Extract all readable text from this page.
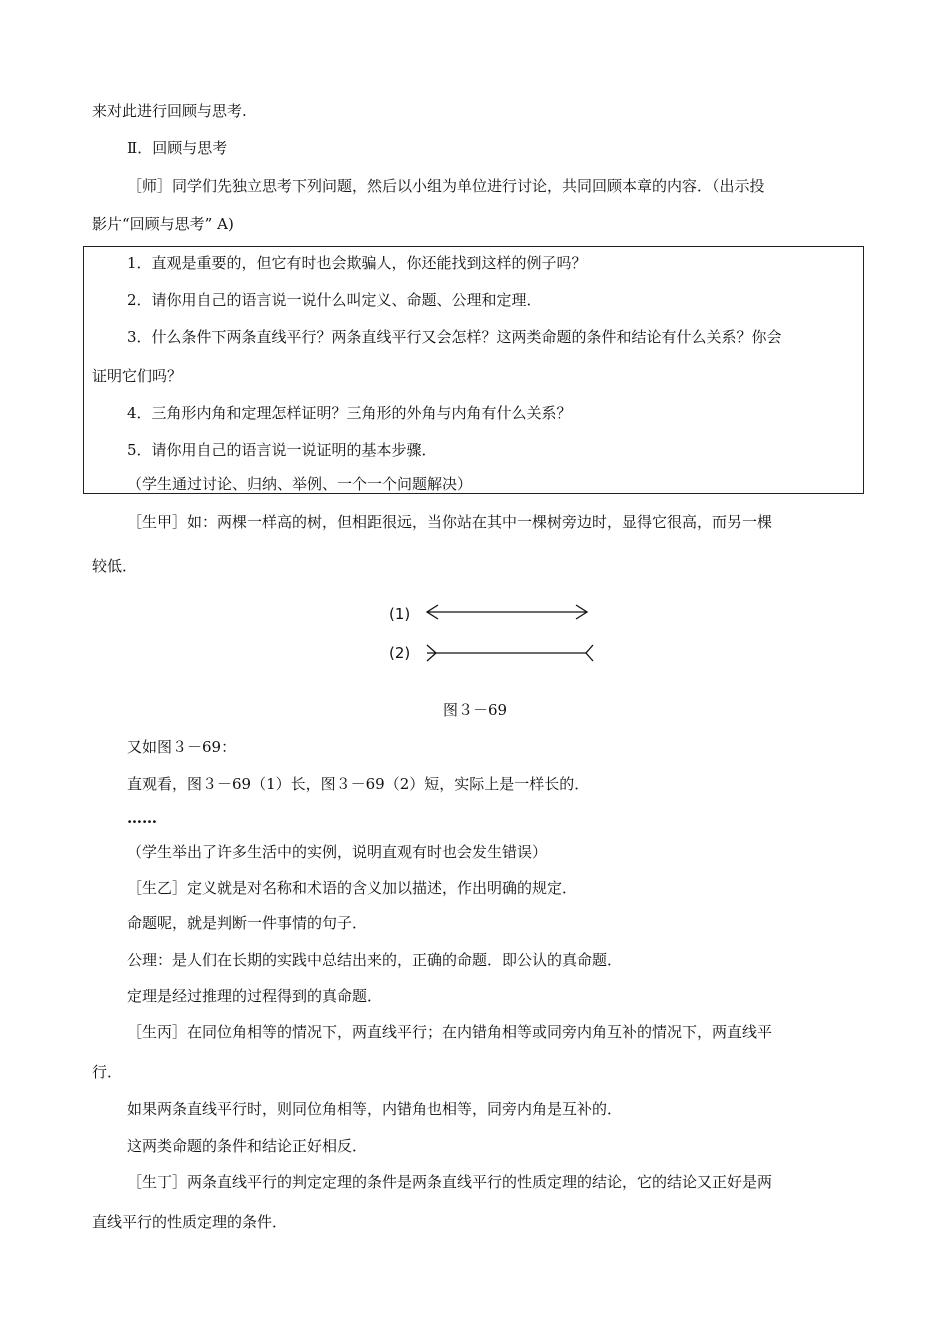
来对此进行回顾与思考.
Ⅱ．回顾与思考
［师］同学们先独立思考下列问题，然后以小组为单位进行讨论，共同回顾本章的内容．（出示投
影片“回顾与思考” A)
1．直观是重要的，但它有时也会欺骗人，你还能找到这样的例子吗？
2．请你用自己的语言说一说什么叫定义、命题、公理和定理．
3．什么条件下两条直线平行？两条直线平行又会怎样？这两类命题的条件和结论有什么关系？你会
证明它们吗？
4．三角形内角和定理怎样证明？三角形的外角与内角有什么关系？
5．请你用自己的语言说一说证明的基本步骤．
（学生通过讨论、归纳、举例、一个一个问题解决）
［生甲］如：两棵一样高的树，但相距很远，当你站在其中一棵树旁边时，显得它很高，而另一棵
较低．
(1)
(2)
图３－69
又如图３－69：
直观看，图３－69（1）长，图３－69（2）短，实际上是一样长的．
……
（学生举出了许多生活中的实例，说明直观有时也会发生错误）
［生乙］定义就是对名称和术语的含义加以描述，作出明确的规定．
命题呢，就是判断一件事情的句子．
公理：是人们在长期的实践中总结出来的，正确的命题．即公认的真命题．
定理是经过推理的过程得到的真命题．
［生丙］在同位角相等的情况下，两直线平行；在内错角相等或同旁内角互补的情况下，两直线平
行．
如果两条直线平行时，则同位角相等，内错角也相等，同旁内角是互补的．
这两类命题的条件和结论正好相反．
［生丁］两条直线平行的判定定理的条件是两条直线平行的性质定理的结论，它的结论又正好是两
直线平行的性质定理的条件．
